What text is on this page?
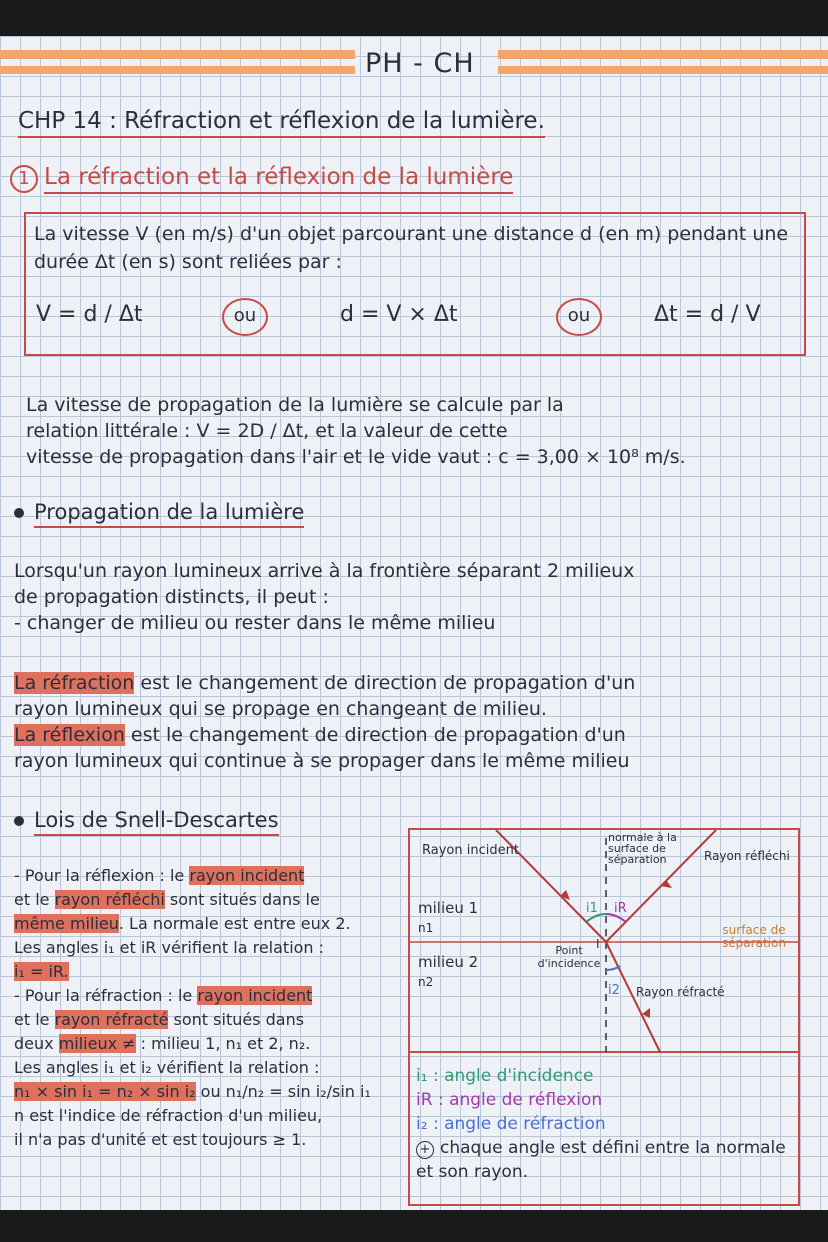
PH - CH
CHP 14 : Réfraction et réflexion de la lumière.
1 La réfraction et la réflexion de la lumière
La vitesse V (en m/s) d'un objet parcourant une distance d (en m) pendant une durée Δt (en s) sont reliées par :
V = d / Δt	ou	d = V × Δt	ou	Δt = d / V
La vitesse de propagation de la lumière se calcule par la
relation littérale : V = 2D / Δt, et la valeur de cette
vitesse de propagation dans l'air et le vide vaut : c = 3,00 × 10⁸ m/s.
Propagation de la lumière
Lorsqu'un rayon lumineux arrive à la frontière séparant 2 milieux
de propagation distincts, il peut :
- changer de milieu ou rester dans le même milieu
La réfraction est le changement de direction de propagation d'un
rayon lumineux qui se propage en changeant de milieu.
La réflexion est le changement de direction de propagation d'un
rayon lumineux qui continue à se propager dans le même milieu
Lois de Snell-Descartes
- Pour la réflexion : le rayon incident
et le rayon réfléchi sont situés dans le
même milieu. La normale est entre eux 2.
Les angles i₁ et iR vérifient la relation :
i₁ = iR.
- Pour la réfraction : le rayon incident
et le rayon réfracté sont situés dans
deux milieux ≠ : milieu 1, n₁ et 2, n₂.
Les angles i₁ et i₂ vérifient la relation :
n₁ × sin i₁ = n₂ × sin i₂ ou n₁/n₂ = sin i₂/sin i₁
n est l'indice de réfraction d'un milieu,
il n'a pas d'unité et est toujours ≥ 1.
Rayon incident
normale à la surface de séparation	Rayon réfléchi
milieu 1
n1	surface de séparation
Point d'incidence
I
milieu 2
n2
i1 iR
i2 Rayon réfracté
i₁ : angle d'incidence
iR : angle de réflexion
i₂ : angle de réfraction
+ chaque angle est défini entre la normale et son rayon.
